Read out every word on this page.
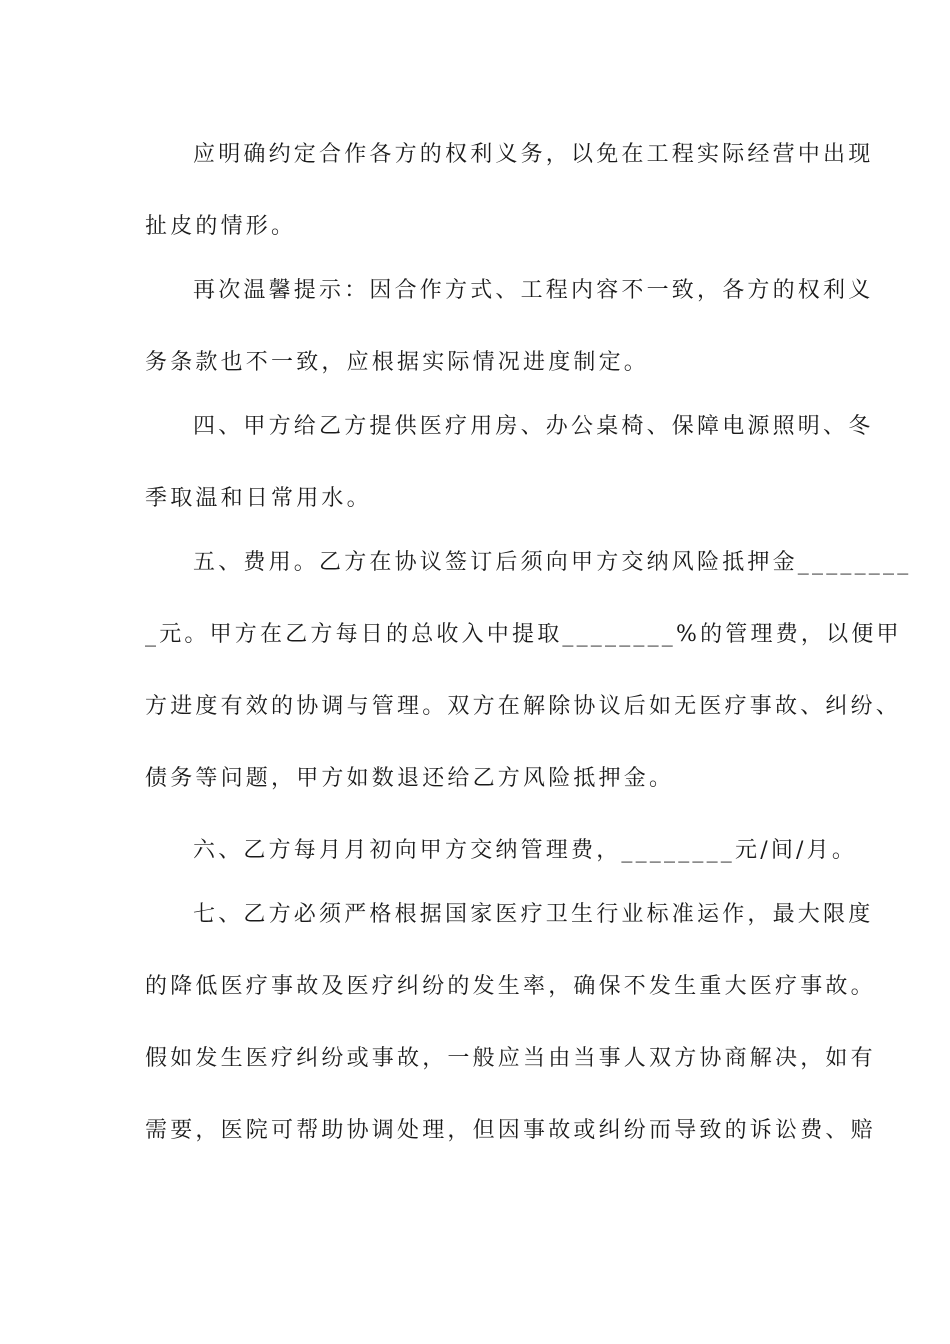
应明确约定合作各方的权利义务，以免在工程实际经营中出现

扯皮的情形。

再次温馨提示：因合作方式、工程内容不一致，各方的权利义

务条款也不一致，应根据实际情况进度制定。

四、甲方给乙方提供医疗用房、办公桌椅、保障电源照明、冬

季取温和日常用水。

五、费用。乙方在协议签订后须向甲方交纳风险抵押金________

_元。甲方在乙方每日的总收入中提取________%的管理费，以便甲

方进度有效的协调与管理。双方在解除协议后如无医疗事故、纠纷、

债务等问题，甲方如数退还给乙方风险抵押金。

六、乙方每月月初向甲方交纳管理费，________元/间/月。

七、乙方必须严格根据国家医疗卫生行业标准运作，最大限度

的降低医疗事故及医疗纠纷的发生率，确保不发生重大医疗事故。

假如发生医疗纠纷或事故，一般应当由当事人双方协商解决，如有

需要，医院可帮助协调处理，但因事故或纠纷而导致的诉讼费、赔
